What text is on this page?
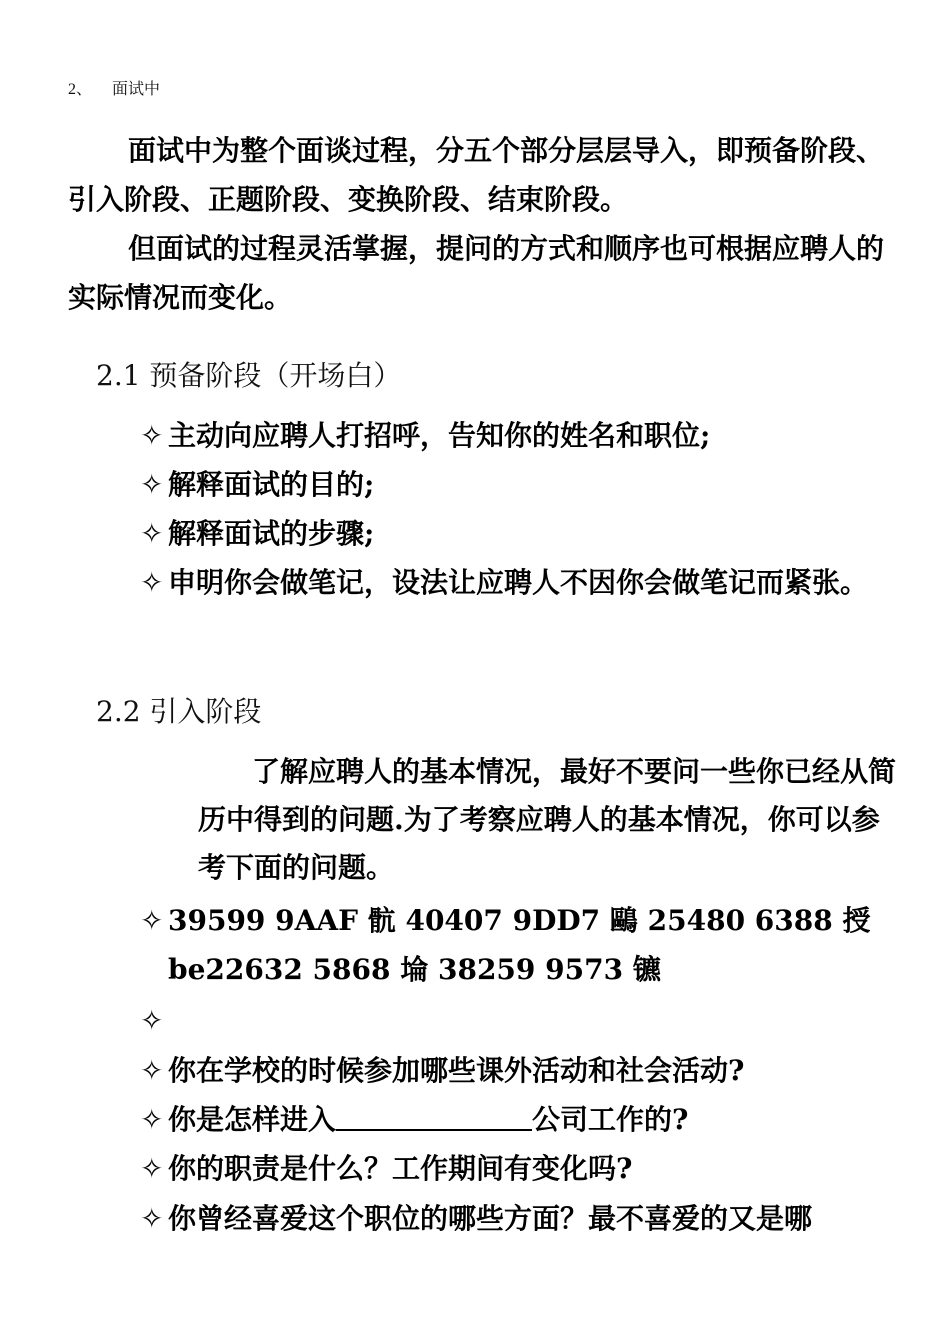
2、 面试中
面试中为整个面谈过程，分五个部分层层导入，即预备阶段、引入阶段、正题阶段、变换阶段、结束阶段。
但面试的过程灵活掌握，提问的方式和顺序也可根据应聘人的实际情况而变化。
2.1 预备阶段（开场白）
✧ 主动向应聘人打招呼，告知你的姓名和职位;
✧ 解释面试的目的;
✧ 解释面试的步骤;
✧ 申明你会做笔记，设法让应聘人不因你会做笔记而紧张。
2.2 引入阶段
了解应聘人的基本情况，最好不要问一些你已经从简历中得到的问题.为了考察应聘人的基本情况，你可以参考下面的问题。
✧ 39599 9AAF 骯 40407 9DD7 鷗 25480 6388 授 be22632 5868 埨 38259 9573 镳
✧
✧ 你在学校的时候参加哪些课外活动和社会活动?
✧ 你是怎样进入	公司工作的?
✧ 你的职责是什么？工作期间有变化吗?
✧ 你曾经喜爱这个职位的哪些方面？最不喜爱的又是哪
